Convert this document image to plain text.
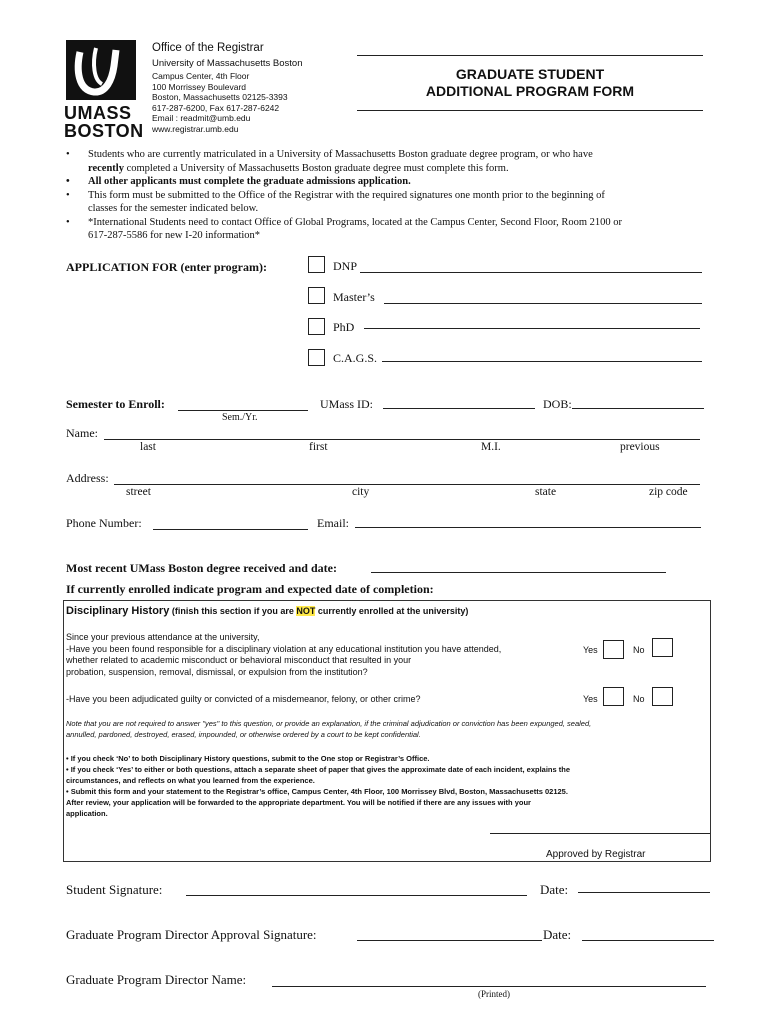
UMASS
BOSTON
Office of the Registrar
University of Massachusetts Boston
Campus Center, 4th Floor
100 Morrissey Boulevard
Boston, Massachusetts 02125-3393
617-287-6200, Fax 617-287-6242
Email : readmit@umb.edu
www.registrar.umb.edu
GRADUATE STUDENT
ADDITIONAL PROGRAM FORM
• Students who are currently matriculated in a University of Massachusetts Boston graduate degree program, or who have
recently completed a University of Massachusetts Boston graduate degree must complete this form.
• All other applicants must complete the graduate admissions application.
• This form must be submitted to the Office of the Registrar with the required signatures one month prior to the beginning of
classes for the semester indicated below.
• *International Students need to contact Office of Global Programs, located at the Campus Center, Second Floor, Room 2100 or
617-287-5586 for new I-20 information*
APPLICATION FOR (enter program):	DNP
Master’s
PhD
C.A.G.S.
Semester to Enroll:
Sem./Yr.
UMass ID:	DOB:
Name:
last	first	M.I.	previous
Address:
street	city	state	zip code
Phone Number:	Email:
Most recent UMass Boston degree received and date:
If currently enrolled indicate program and expected date of completion:
Disciplinary History (finish this section if you are NOT currently enrolled at the university)
Since your previous attendance at the university,
-Have you been found responsible for a disciplinary violation at any educational institution you have attended,
whether related to academic misconduct or behavioral misconduct that resulted in your
probation, suspension, removal, dismissal, or expulsion from the institution?
Yes	No
-Have you been adjudicated guilty or convicted of a misdemeanor, felony, or other crime?	Yes	No
Note that you are not required to answer "yes" to this question, or provide an explanation, if the criminal adjudication or conviction has been expunged, sealed,
annulled, pardoned, destroyed, erased, impounded, or otherwise ordered by a court to be kept confidential.
• If you check ‘No’ to both Disciplinary History questions, submit to the One stop or Registrar’s Office.
• If you check ‘Yes’ to either or both questions, attach a separate sheet of paper that gives the approximate date of each incident, explains the
circumstances, and reflects on what you learned from the experience.
• Submit this form and your statement to the Registrar’s office, Campus Center, 4th Floor, 100 Morrissey Blvd, Boston, Massachusetts 02125.
After review, your application will be forwarded to the appropriate department. You will be notified if there are any issues with your
application.
Approved by Registrar
Student Signature:	Date:
Graduate Program Director Approval Signature:	Date:
Graduate Program Director Name:
(Printed)
